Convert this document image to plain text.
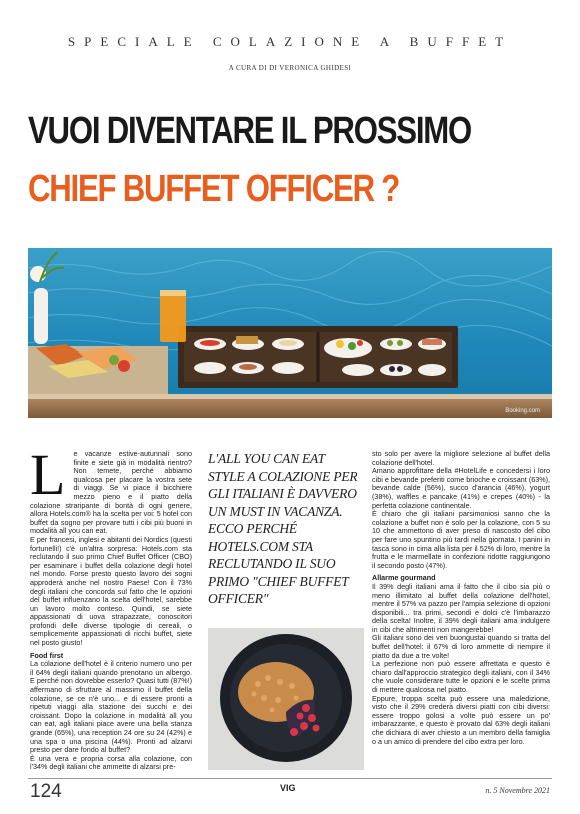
SPECIALE COLAZIONE A BUFFET
A CURA DI DI VERONICA GHIDESI
VUOI DIVENTARE IL PROSSIMO
CHIEF BUFFET OFFICER ?
Booking.com

L e vacanze estive-autunnali sono finite e siete già in modalità rientro? Non temete, perché abbiamo qualcosa per placare la vostra sete di viaggi. Se vi piace il bicchiere mezzo pieno e il piatto della colazione straripante di bontà di ogni genere, allora Hotels.com® ha la scelta per voi: 5 hotel con buffet da sogno per provare tutti i cibi più buoni in modalità all you can eat.

E per francesi, inglesi e abitanti dei Nordics (questi fortunelli!) c'è un'altra sorpresa: Hotels.com sta reclutando il suo primo Chief Buffet Officer (CBO) per esaminare i buffet della colazione degli hotel nel mondo. Forse presto questo lavoro dei sogni approderà anche nel nostro Paese! Con il 73% degli italiani che concorda sul fatto che le opzioni del buffet influenzano la scelta dell'hotel, sarebbe un lavoro molto conteso. Quindi, se siete appassionati di uova strapazzate, conoscitori profondi delle diverse tipologie di cereali, o semplicemente appassionati di ricchi buffet, siete nel posto giusto!

Food first

La colazione dell'hotel è il criterio numero uno per il 64% degli italiani quando prenotano un albergo. E perché non dovrebbe esserlo? Quasi tutti (87%!) affermano di sfruttare al massimo il buffet della colazione, se ce n'è uno... e di essere pronti a ripetuti viaggi alla stazione dei succhi e dei croissant. Dopo la colazione in modalità all you can eat, agli italiani piace avere una bella stanza grande (65%), una reception 24 ore su 24 (42%) e una spa o una piscina (44%). Pronti ad alzarvi presto per dare fondo al buffet?

È una vera e propria corsa alla colazione, con l'34% degli italiani che ammette di alzarsi pre-

L'ALL YOU CAN EAT STYLE A COLAZIONE PER GLI ITALIANI È DAVVERO UN MUST IN VACANZA. ECCO PERCHÉ HOTELS.COM STA RECLUTANDO IL SUO PRIMO "CHIEF BUFFET OFFICER"

sto solo per avere la migliore selezione al buffet della colazione dell'hotel.

Amano approfittare della #HotelLife e concedersi i loro cibi e bevande preferiti come brioche e croissant (63%), bevande calde (56%), succo d'arancia (46%), yogurt (38%), waffles e pancake (41%) e crepes (40%) - la perfetta colazione continentale.

È chiaro che gli italiani parsimoniosi sanno che la colazione a buffet non è solo per la colazione, con 5 su 10 che ammettono di aver preso di nascosto del cibo per fare uno spuntino più tardi nella giornata. I panini in tasca sono in cima alla lista per il 52% di loro, mentre la frutta e le marmellate in confezioni ridotte raggiungono il secondo posto (47%).

Allarme gourmand

Il 39% degli italiani ama il fatto che il cibo sia più o meno illimitato al buffet della colazione dell'hotel, mentre il 57% va pazzo per l'ampia selezione di opzioni disponibili... tra primi, secondi e dolci c'è l'imbarazzo della scelta! Inoltre, il 39% degli italiani ama indulgere in cibi che altrimenti non mangerebbe!

Gli italiani sono dei veri buongustai quando si tratta del buffet dell'hotel: il 67% di loro ammette di riempire il piatto da due a tre volte!

La perfezione non può essere affrettata e questo è chiaro dall'approccio strategico degli italiani, con il 34% che vuole considerare tutte le opzioni e le scelte prima di mettere qualcosa nel piatto.

Eppure, troppa scelta può essere una maledizione, visto che il 29% crederà diversi piatti con cibi diversi: essere troppo golosi a volte può essere un po' imbarazzante, e questo è provato dal 63% degli italiani che dichiara di aver chiesto a un membro della famiglia o a un amico di prendere del cibo extra per loro.

124	VIG	n. 5 Novembre 2021
